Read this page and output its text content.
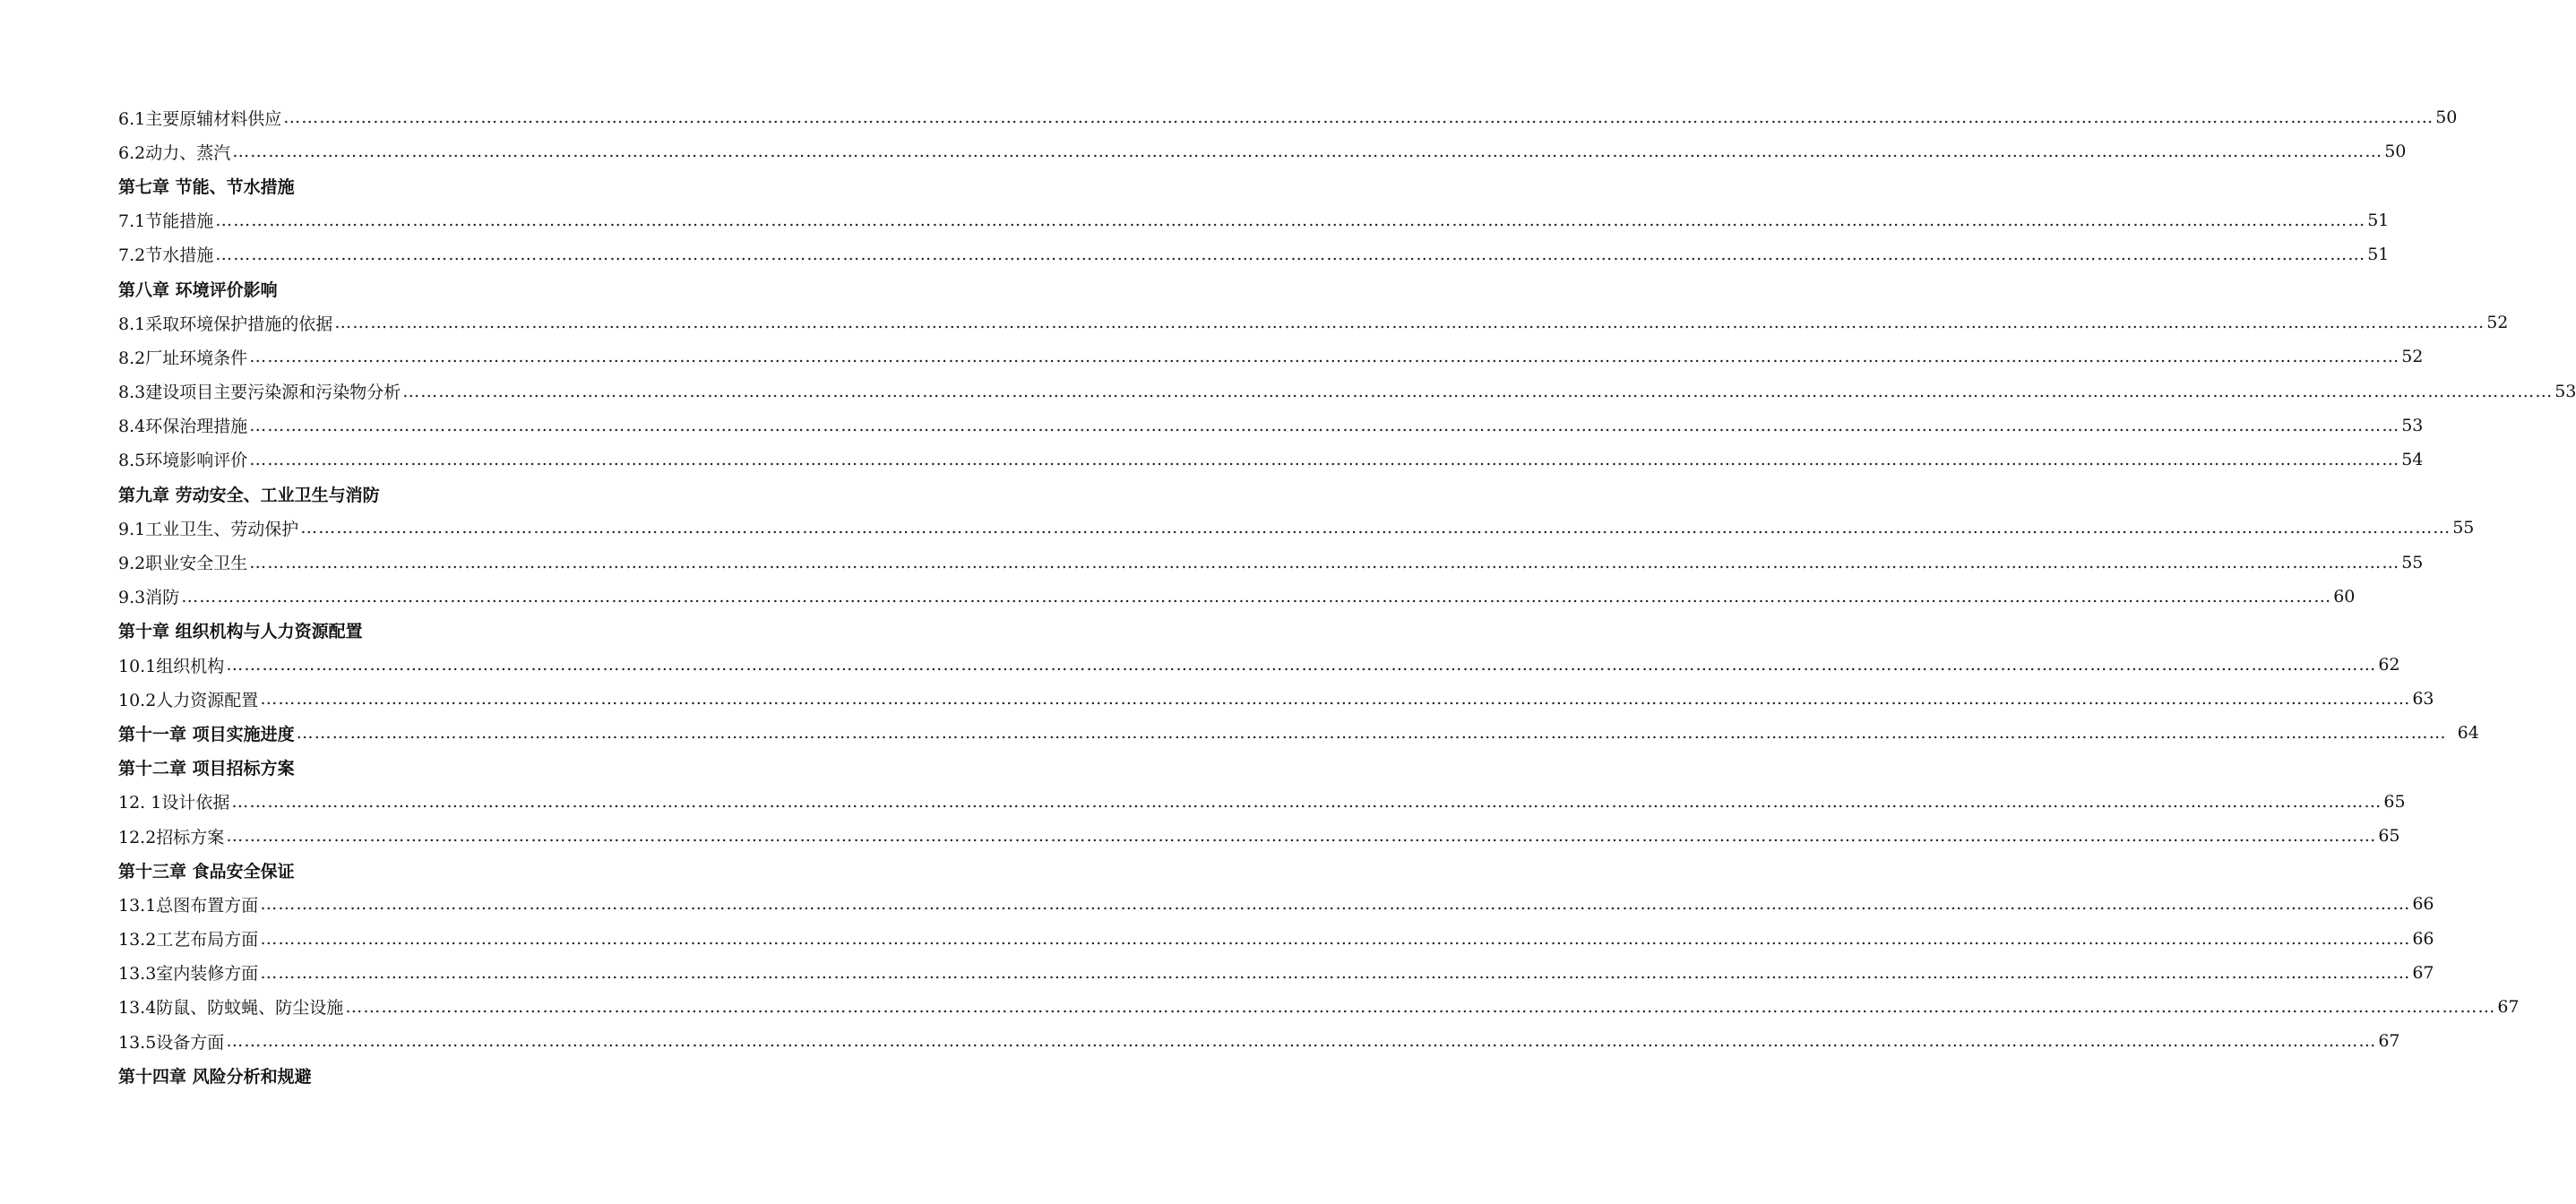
6.1主要原辅材料供应 ……………………………………………………………………………………………………………………………………………………………………………………………………………………………………………………………………………………………………………………………… 50
6.2动力、蒸汽 ……………………………………………………………………………………………………………………………………………………………………………………………………………………………………………………………………………………………………………………………… 50
第七章 节能、节水措施
7.1节能措施 ……………………………………………………………………………………………………………………………………………………………………………………………………………………………………………………………………………………………………………………………… 51
7.2节水措施 ……………………………………………………………………………………………………………………………………………………………………………………………………………………………………………………………………………………………………………………………… 51
第八章 环境评价影响
8.1采取环境保护措施的依据 ……………………………………………………………………………………………………………………………………………………………………………………………………………………………………………………………………………………………………………………………… 52
8.2厂址环境条件 ……………………………………………………………………………………………………………………………………………………………………………………………………………………………………………………………………………………………………………………………… 52
8.3建设项目主要污染源和污染物分析 ……………………………………………………………………………………………………………………………………………………………………………………………………………………………………………………………………………………………………………………………… 53
8.4环保治理措施 ……………………………………………………………………………………………………………………………………………………………………………………………………………………………………………………………………………………………………………………………… 53
8.5环境影响评价 ……………………………………………………………………………………………………………………………………………………………………………………………………………………………………………………………………………………………………………………………… 54
第九章 劳动安全、工业卫生与消防
9.1工业卫生、劳动保护 ……………………………………………………………………………………………………………………………………………………………………………………………………………………………………………………………………………………………………………………………… 55
9.2职业安全卫生 ……………………………………………………………………………………………………………………………………………………………………………………………………………………………………………………………………………………………………………………………… 55
9.3消防 ……………………………………………………………………………………………………………………………………………………………………………………………………………………………………………………………………………………………………………………………… 60
第十章 组织机构与人力资源配置
10.1组织机构 ……………………………………………………………………………………………………………………………………………………………………………………………………………………………………………………………………………………………………………………………… 62
10.2人力资源配置 ……………………………………………………………………………………………………………………………………………………………………………………………………………………………………………………………………………………………………………………………… 63
第十一章 项目实施进度 ……………………………………………………………………………………………………………………………………………………………………………………………………………………………………………………………………………………………………………………………… 64
第十二章 项目招标方案
12. 1设计依据 ……………………………………………………………………………………………………………………………………………………………………………………………………………………………………………………………………………………………………………………………… 65
12.2招标方案 ……………………………………………………………………………………………………………………………………………………………………………………………………………………………………………………………………………………………………………………………… 65
第十三章 食品安全保证
13.1总图布置方面 ……………………………………………………………………………………………………………………………………………………………………………………………………………………………………………………………………………………………………………………………… 66
13.2工艺布局方面 ……………………………………………………………………………………………………………………………………………………………………………………………………………………………………………………………………………………………………………………………… 66
13.3室内装修方面 ……………………………………………………………………………………………………………………………………………………………………………………………………………………………………………………………………………………………………………………………… 67
13.4防鼠、防蚊蝇、防尘设施 ……………………………………………………………………………………………………………………………………………………………………………………………………………………………………………………………………………………………………………………………… 67
13.5设备方面 ……………………………………………………………………………………………………………………………………………………………………………………………………………………………………………………………………………………………………………………………… 67
第十四章 风险分析和规避
